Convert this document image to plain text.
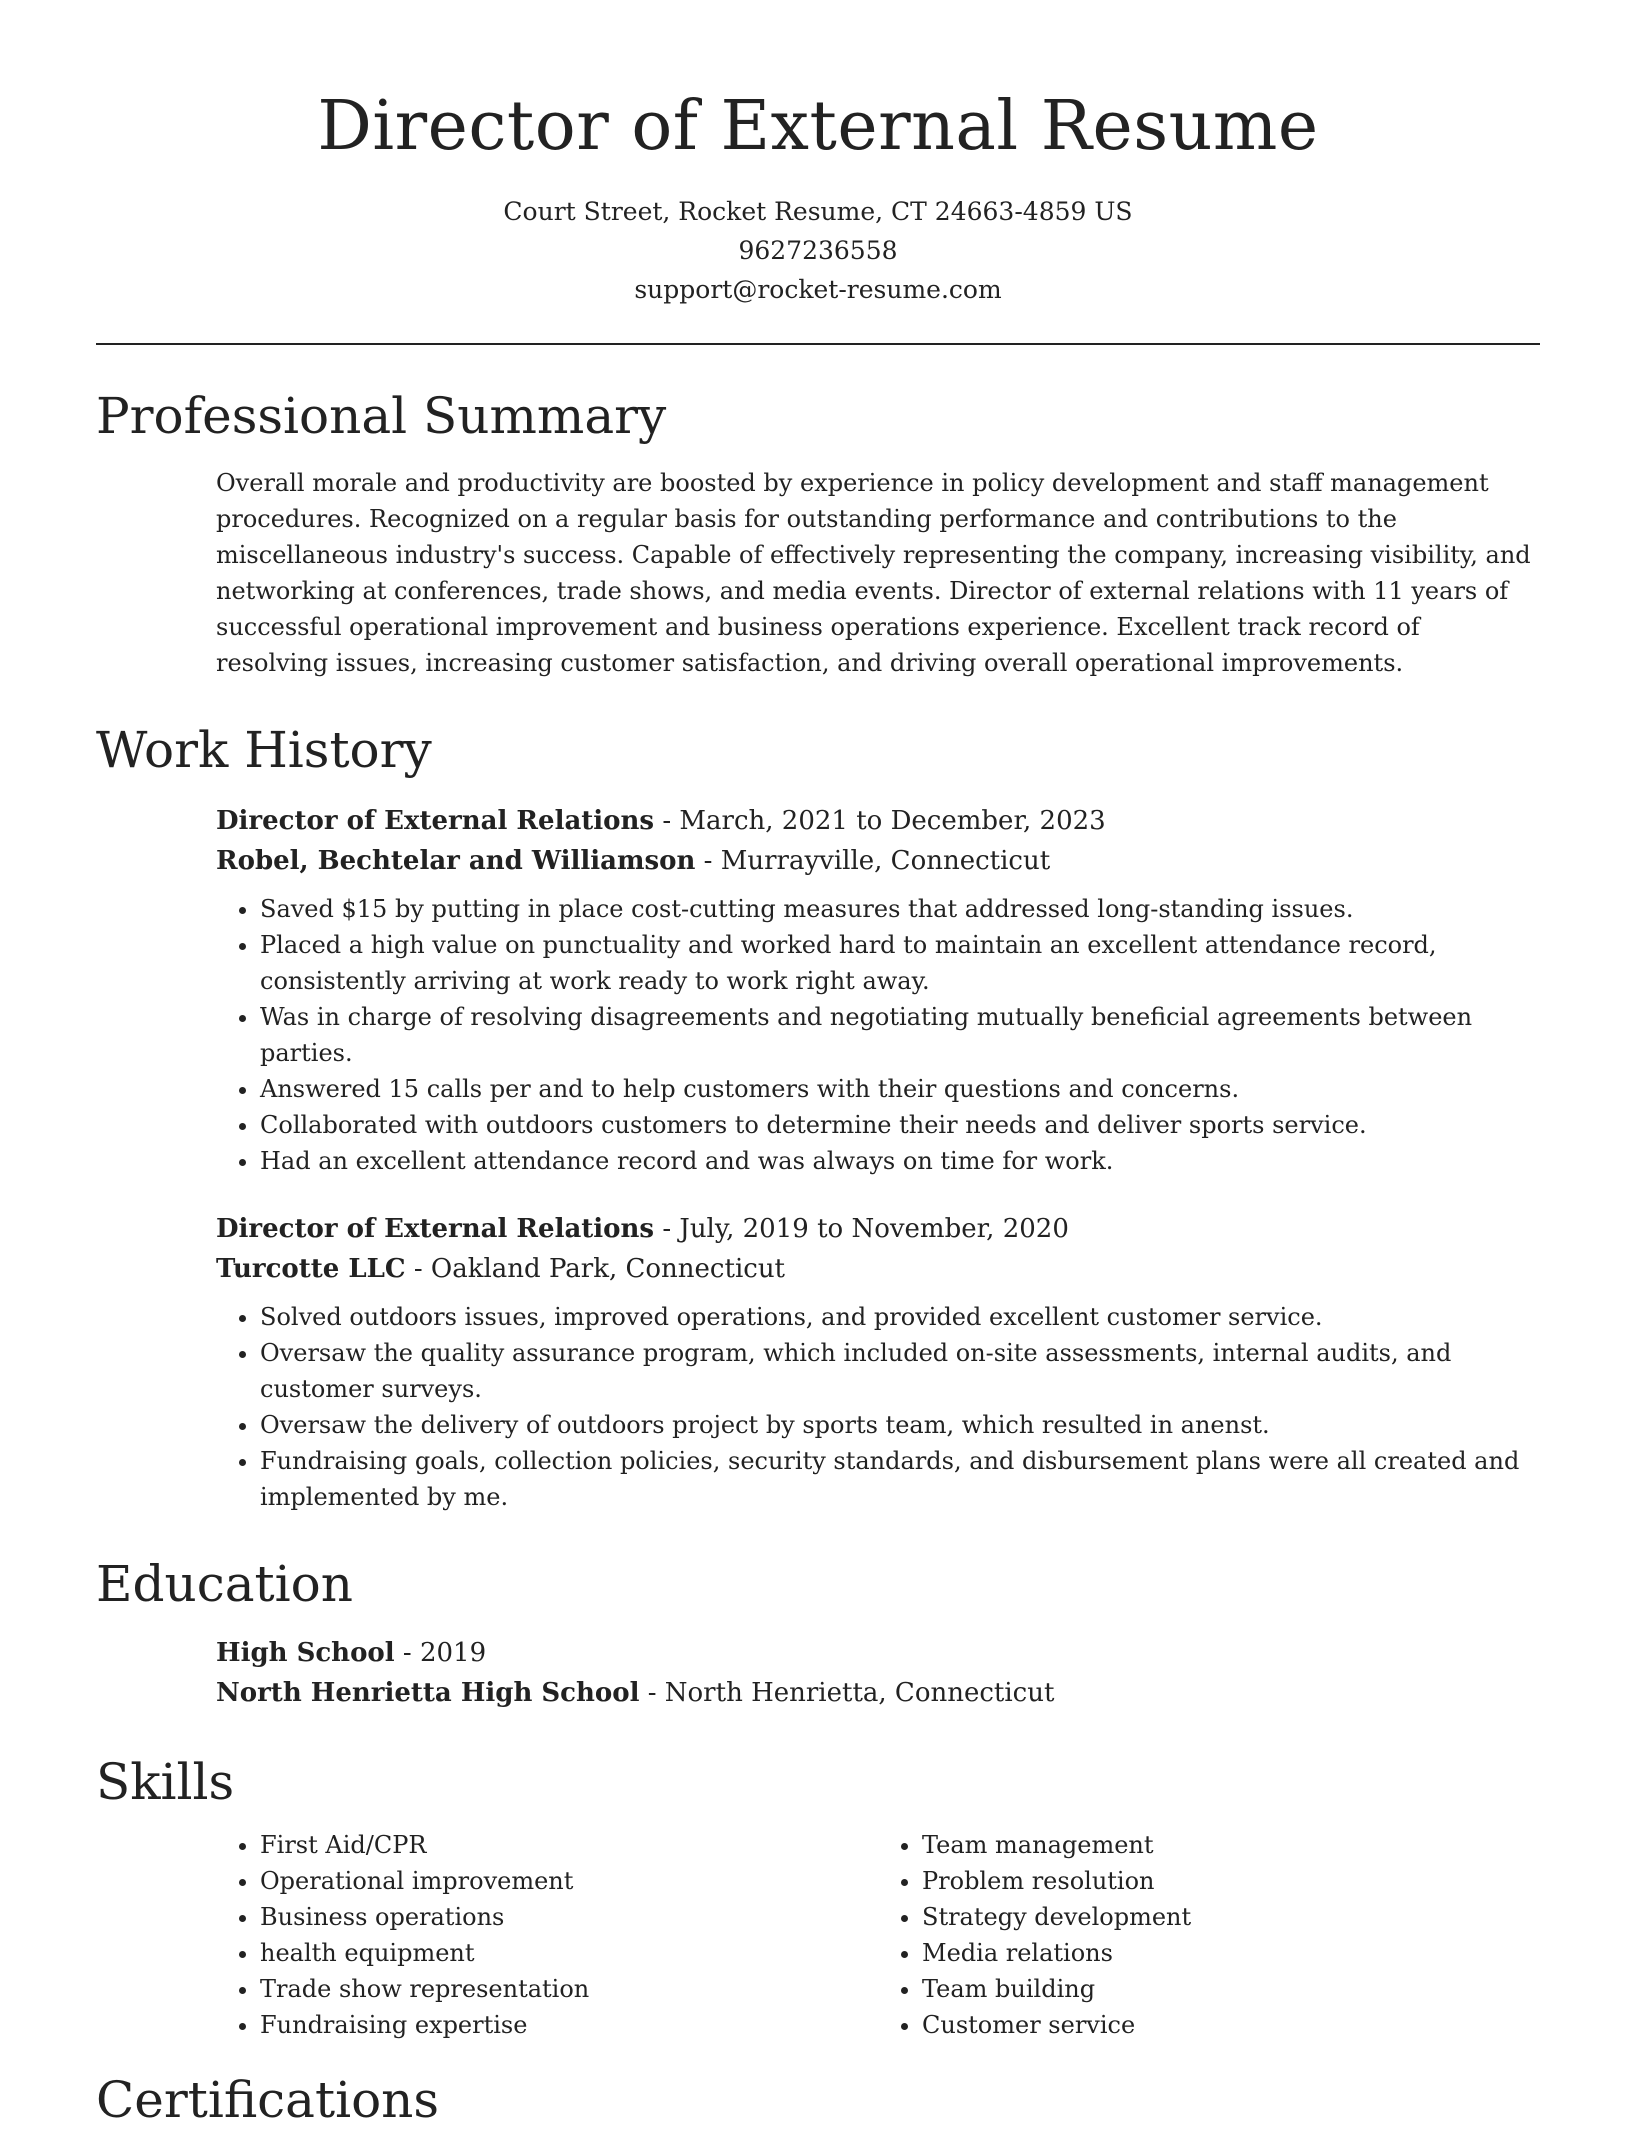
Director of External Resume
Court Street, Rocket Resume, CT 24663-4859 US
9627236558
support@rocket-resume.com
Professional Summary
Overall morale and productivity are boosted by experience in policy development and staff management procedures. Recognized on a regular basis for outstanding performance and contributions to the miscellaneous industry's success. Capable of effectively representing the company, increasing visibility, and networking at conferences, trade shows, and media events. Director of external relations with 11 years of successful operational improvement and business operations experience. Excellent track record of resolving issues, increasing customer satisfaction, and driving overall operational improvements.
Work History
Director of External Relations - March, 2021 to December, 2023
Robel, Bechtelar and Williamson - Murrayville, Connecticut
• Saved $15 by putting in place cost-cutting measures that addressed long-standing issues.
• Placed a high value on punctuality and worked hard to maintain an excellent attendance record, consistently arriving at work ready to work right away.
• Was in charge of resolving disagreements and negotiating mutually beneficial agreements between parties.
• Answered 15 calls per and to help customers with their questions and concerns.
• Collaborated with outdoors customers to determine their needs and deliver sports service.
• Had an excellent attendance record and was always on time for work.
Director of External Relations - July, 2019 to November, 2020
Turcotte LLC - Oakland Park, Connecticut
• Solved outdoors issues, improved operations, and provided excellent customer service.
• Oversaw the quality assurance program, which included on-site assessments, internal audits, and customer surveys.
• Oversaw the delivery of outdoors project by sports team, which resulted in anenst.
• Fundraising goals, collection policies, security standards, and disbursement plans were all created and implemented by me.
Education
High School - 2019
North Henrietta High School - North Henrietta, Connecticut
Skills
• First Aid/CPR
• Operational improvement
• Business operations
• health equipment
• Trade show representation
• Fundraising expertise
• Team management
• Problem resolution
• Strategy development
• Media relations
• Team building
• Customer service
Certifications
